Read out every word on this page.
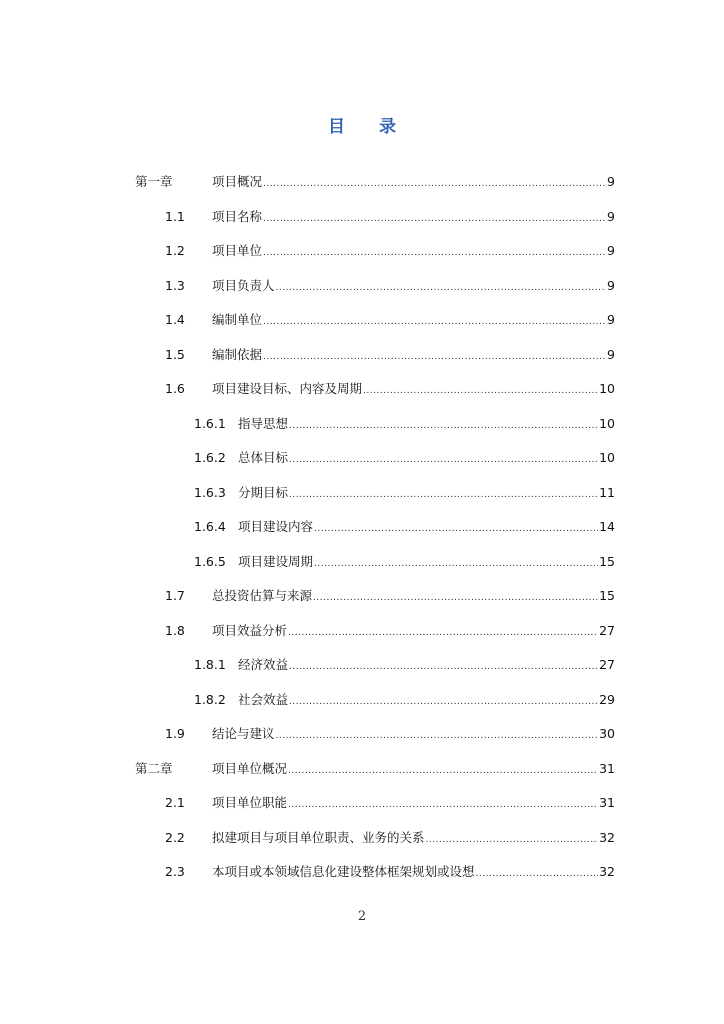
目 录
第一章	项目概况 .....	9
1.1	项目名称 .....	9
1.2	项目单位 .....	9
1.3	项目负责人 .....	9
1.4	编制单位 .....	9
1.5	编制依据 .....	9
1.6	项目建设目标、内容及周期 .....	10
1.6.1 指导思想 .....	10
1.6.2 总体目标 .....	10
1.6.3 分期目标 .....	11
1.6.4 项目建设内容 .....	14
1.6.5 项目建设周期 .....	15
1.7	总投资估算与来源 .....	15
1.8	项目效益分析 .....	27
1.8.1 经济效益 .....	27
1.8.2 社会效益 .....	29
1.9	结论与建议 .....	30
第二章	项目单位概况 .....	31
2.1	项目单位职能 .....	31
2.2	拟建项目与项目单位职责、业务的关系 .....	32
2.3	本项目或本领域信息化建设整体框架规划或设想 .....	32
2
